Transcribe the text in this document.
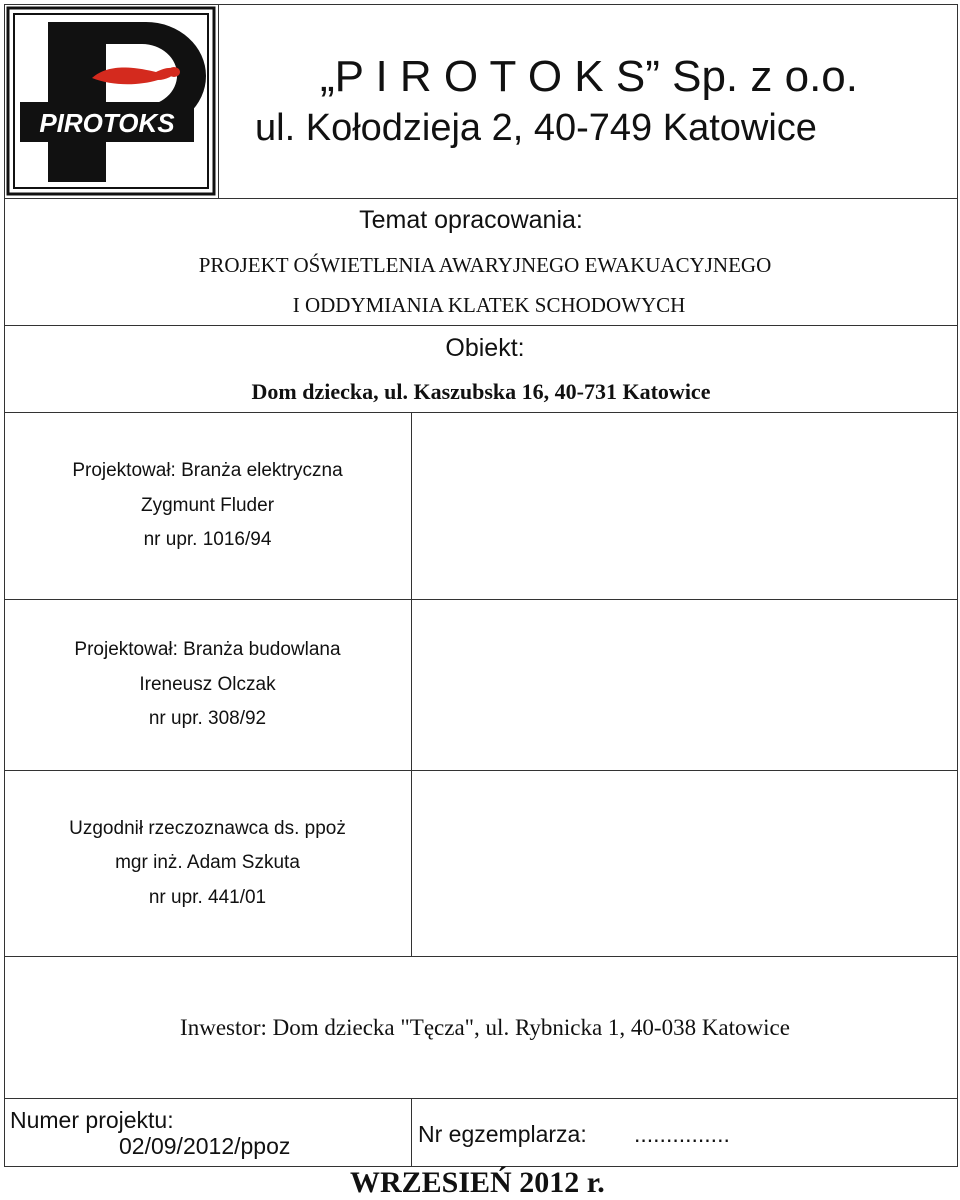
PIROTOKS
„P I R O T O K S” Sp. z o.o.
ul. Kołodzieja 2, 40-749 Katowice
Temat opracowania:
PROJEKT OŚWIETLENIA AWARYJNEGO EWAKUACYJNEGO
I ODDYMIANIA KLATEK SCHODOWYCH
Obiekt:
Dom dziecka, ul. Kaszubska 16, 40-731 Katowice
Projektował: Branża elektryczna
Zygmunt Fluder
nr upr. 1016/94
Projektował: Branża budowlana
Ireneusz Olczak
nr upr. 308/92
Uzgodnił rzeczoznawca ds. ppoż
mgr inż. Adam Szkuta
nr upr. 441/01
Inwestor: Dom dziecka "Tęcza", ul. Rybnicka 1, 40-038 Katowice
Numer projektu:
02/09/2012/ppoz	Nr egzemplarza: ...............
WRZESIEŃ 2012 r.
